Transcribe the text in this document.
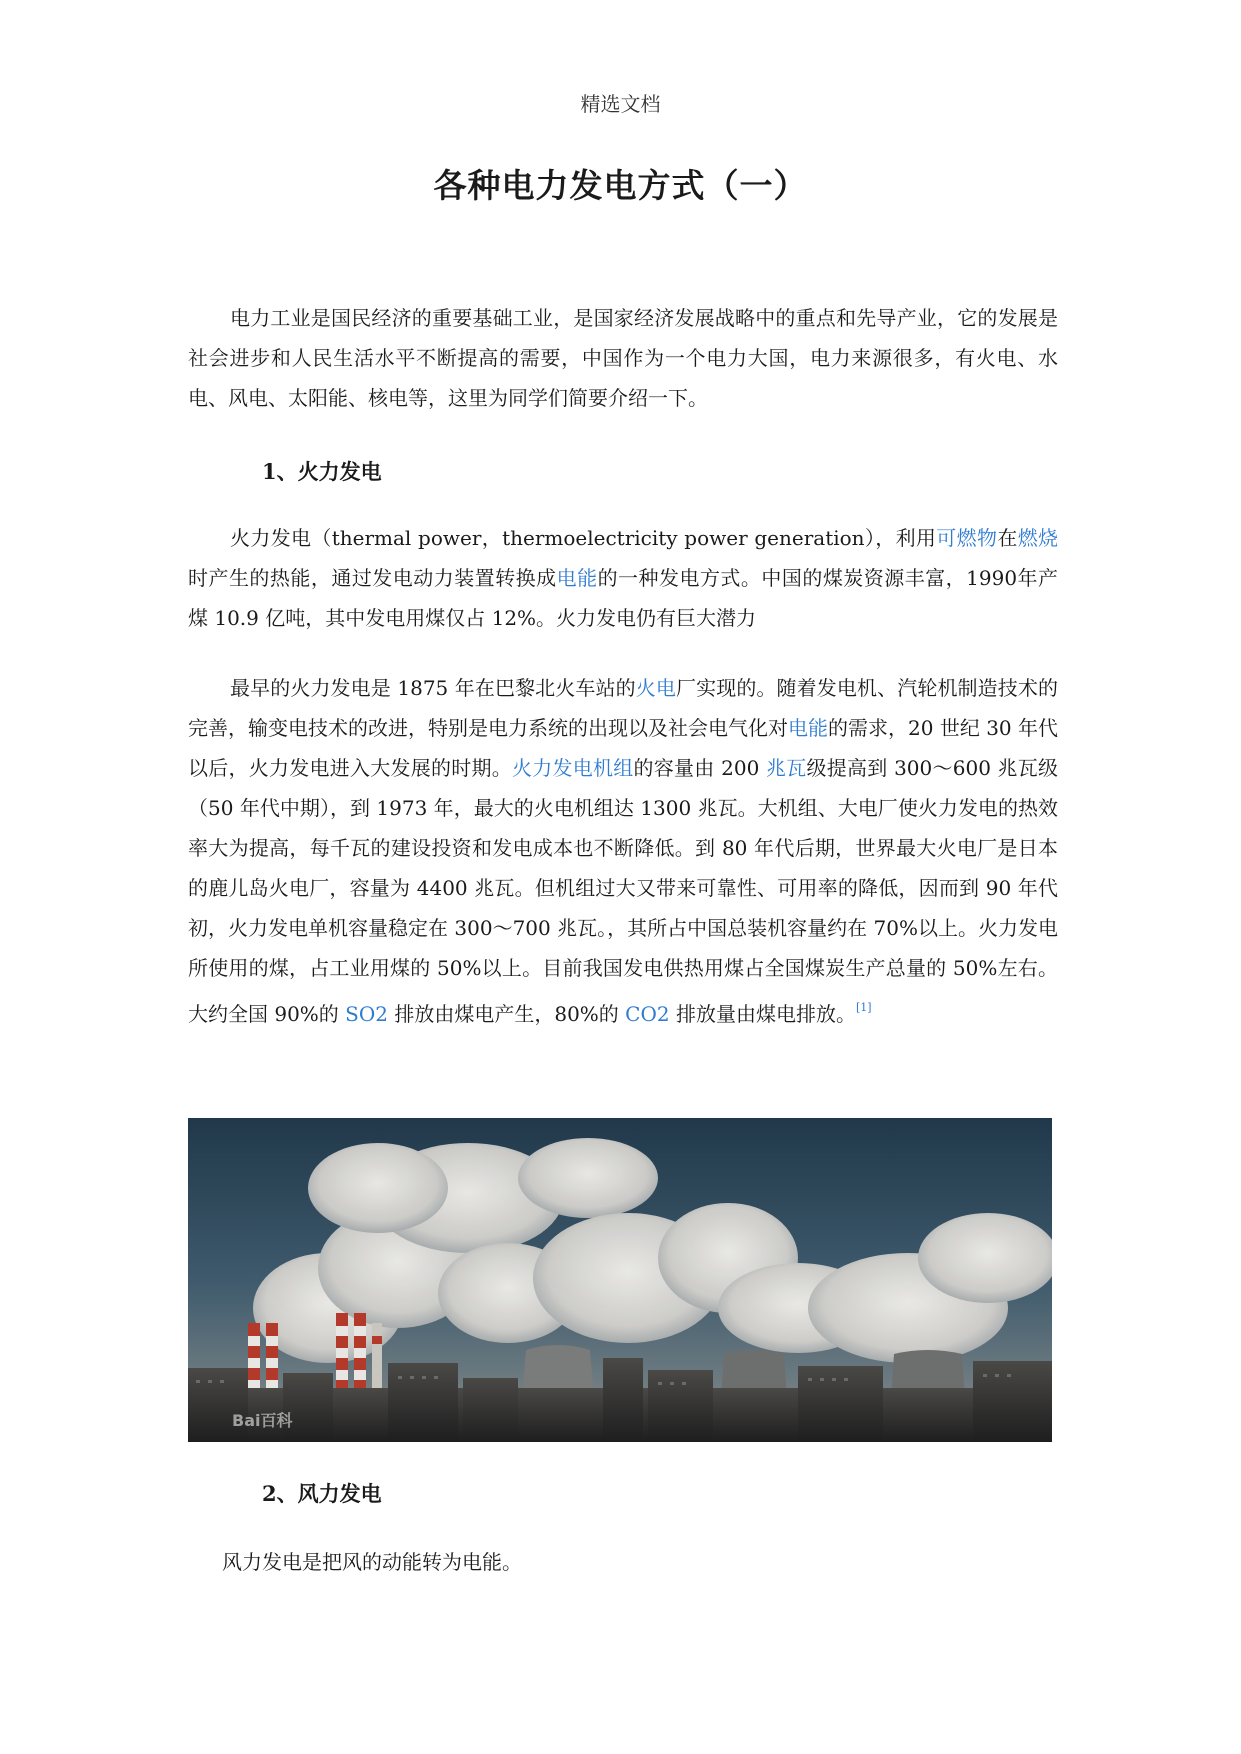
精选文档
各种电力发电方式（一）
电力工业是国民经济的重要基础工业，是国家经济发展战略中的重点和先导产业，它的发展是社会进步和人民生活水平不断提高的需要，中国作为一个电力大国，电力来源很多，有火电、水电、风电、太阳能、核电等，这里为同学们简要介绍一下。
1、火力发电
火力发电（thermal power，thermoelectricity power generation），利用可燃物在燃烧时产生的热能，通过发电动力装置转换成电能的一种发电方式。中国的煤炭资源丰富，1990年产煤 10.9 亿吨，其中发电用煤仅占 12%。火力发电仍有巨大潜力
最早的火力发电是 1875 年在巴黎北火车站的火电厂实现的。随着发电机、汽轮机制造技术的完善，输变电技术的改进，特别是电力系统的出现以及社会电气化对电能的需求，20 世纪 30 年代以后，火力发电进入大发展的时期。火力发电机组的容量由 200 兆瓦级提高到 300～600 兆瓦级（50 年代中期），到 1973 年，最大的火电机组达 1300 兆瓦。大机组、大电厂使火力发电的热效率大为提高，每千瓦的建设投资和发电成本也不断降低。到 80 年代后期，世界最大火电厂是日本的鹿儿岛火电厂，容量为 4400 兆瓦。但机组过大又带来可靠性、可用率的降低，因而到 90 年代初，火力发电单机容量稳定在 300～700 兆瓦。，其所占中国总装机容量约在 70%以上。火力发电所使用的煤，占工业用煤的 50%以上。目前我国发电供热用煤占全国煤炭生产总量的 50%左右。大约全国 90%的 SO2 排放由煤电产生，80%的 CO2 排放量由煤电排放。[1]
Bai百科
2、风力发电
风力发电是把风的动能转为电能。
